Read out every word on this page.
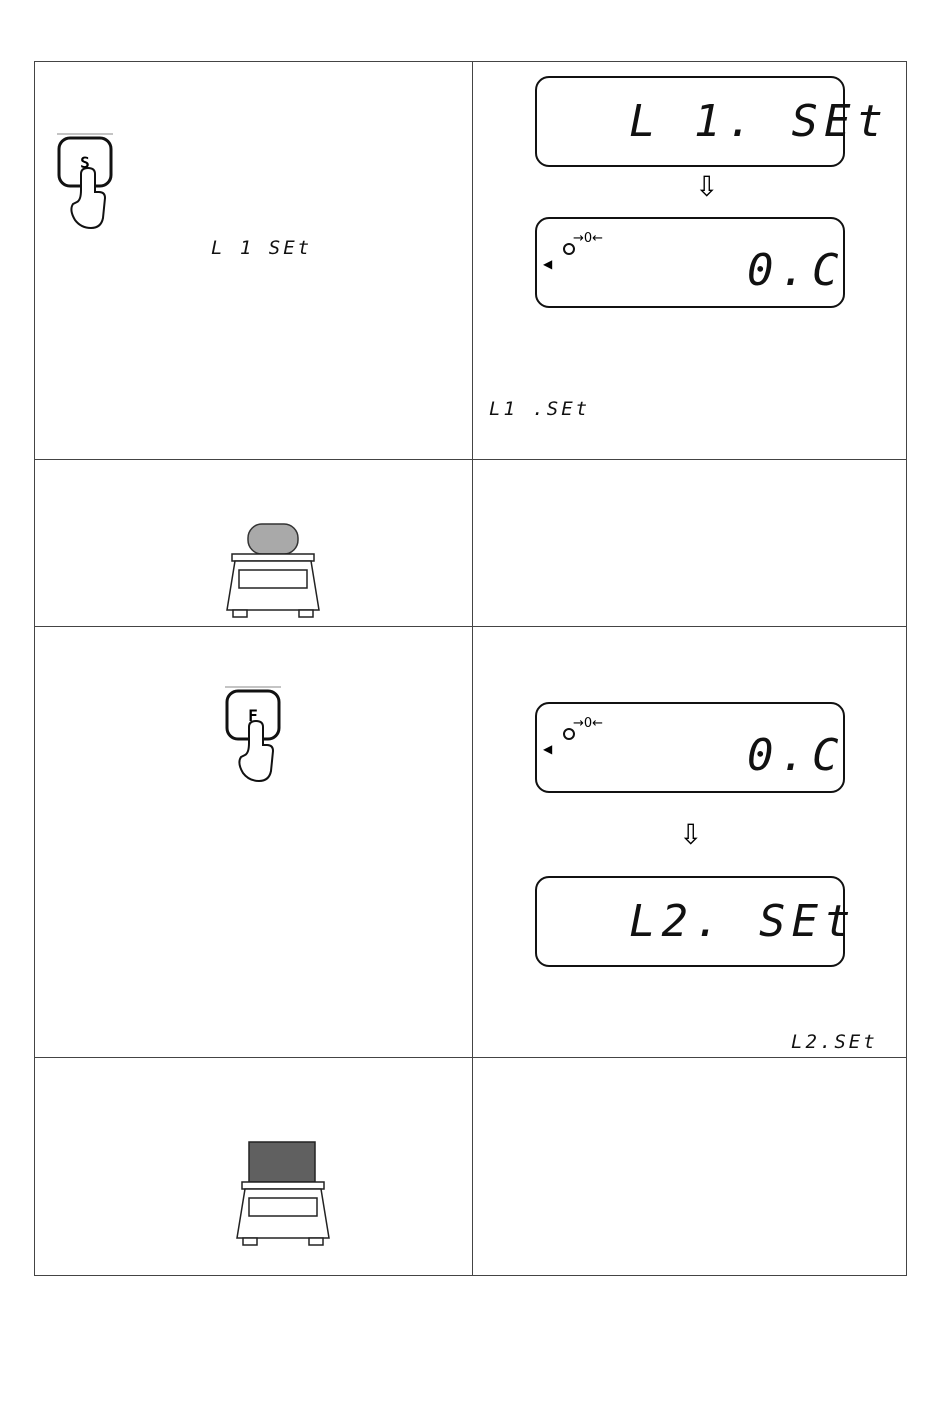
S
L 1 SEt
L 1. SEt
⇩
◀
→0←
0.C
L1 .SEt
F
◀
→0←
0.C
⇩
L2. SEt
L2.SEt
